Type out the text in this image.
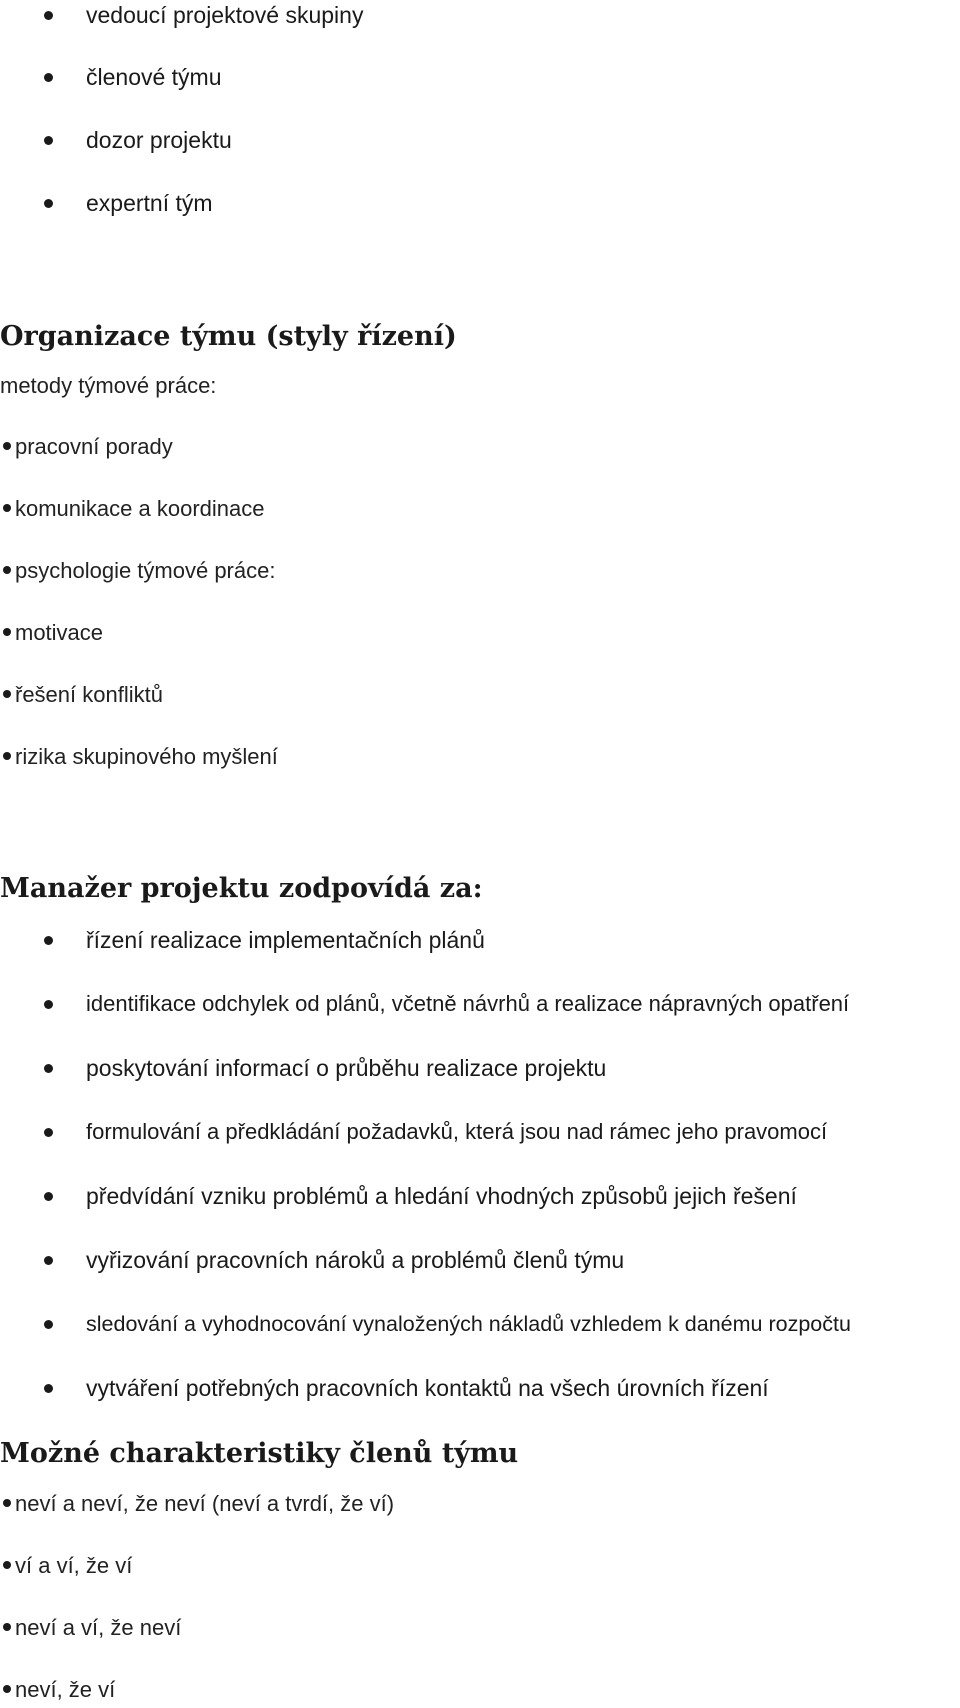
vedoucí projektové skupiny
členové týmu
dozor projektu
expertní tým
Organizace týmu (styly řízení)
metody týmové práce:
pracovní porady
komunikace a koordinace
psychologie týmové práce:
motivace
řešení konfliktů
rizika skupinového myšlení
Manažer projektu zodpovídá za:
řízení realizace implementačních plánů
identifikace odchylek od plánů, včetně návrhů a realizace nápravných opatření
poskytování informací o průběhu realizace projektu
formulování a předkládání požadavků, která jsou nad rámec jeho pravomocí
předvídání vzniku problémů a hledání vhodných způsobů jejich řešení
vyřizování pracovních nároků a problémů členů týmu
sledování a vyhodnocování vynaložených nákladů vzhledem k danému rozpočtu
vytváření potřebných pracovních kontaktů na všech úrovních řízení
Možné charakteristiky členů týmu
neví a neví, že neví (neví a tvrdí, že ví)
ví a ví, že ví
neví a ví, že neví
neví, že ví
